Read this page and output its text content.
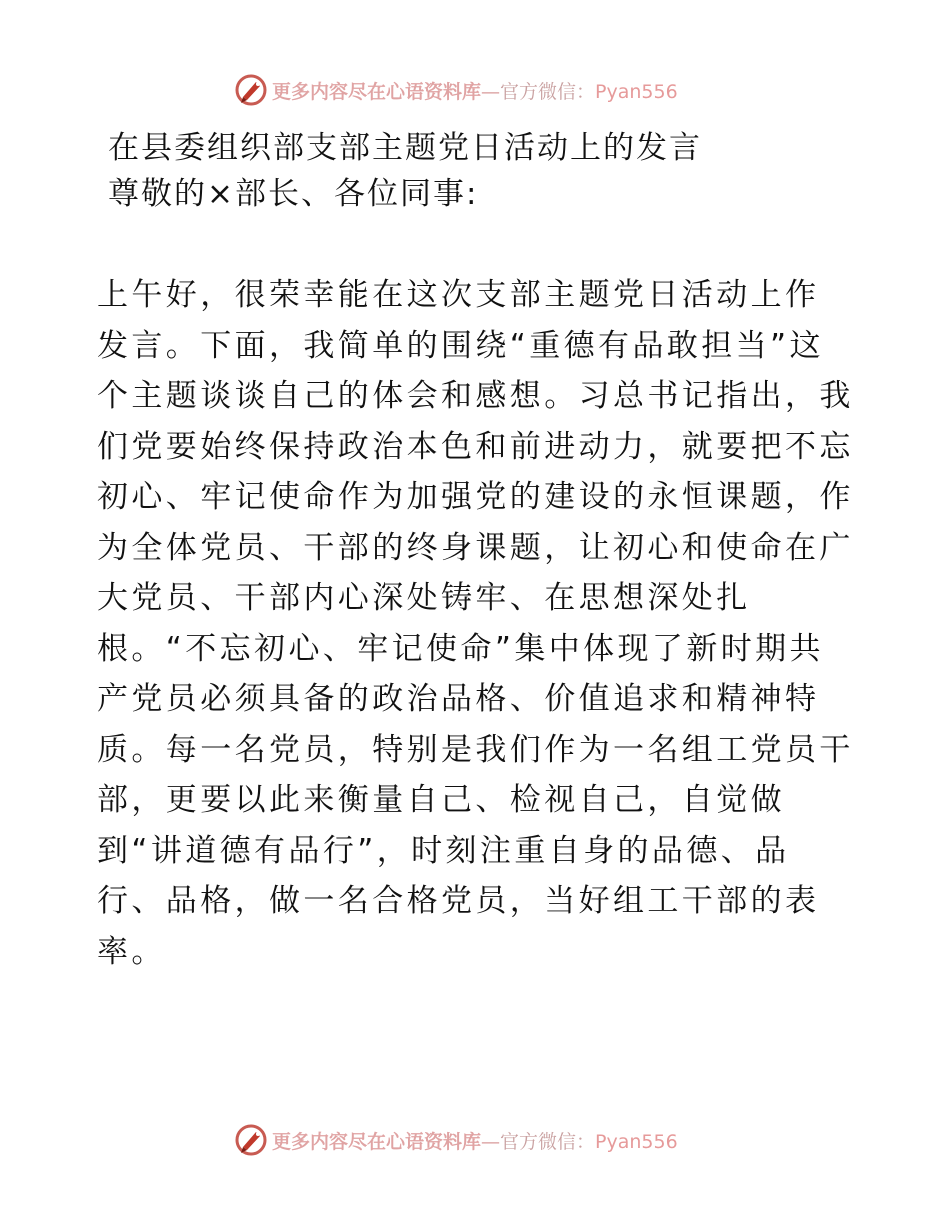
更多内容尽在心语资料库—官方微信：Pyan556
在县委组织部支部主题党日活动上的发言
尊敬的×部长、各位同事:
上午好，很荣幸能在这次支部主题党日活动上作
发言。下面，我简单的围绕“重德有品敢担当”这
个主题谈谈自己的体会和感想。习总书记指出，我
们党要始终保持政治本色和前进动力，就要把不忘
初心、牢记使命作为加强党的建设的永恒课题，作
为全体党员、干部的终身课题，让初心和使命在广
大党员、干部内心深处铸牢、在思想深处扎
根。“不忘初心、牢记使命”集中体现了新时期共
产党员必须具备的政治品格、价值追求和精神特
质。每一名党员，特别是我们作为一名组工党员干
部，更要以此来衡量自己、检视自己，自觉做
到“讲道德有品行”，时刻注重自身的品德、品
行、品格，做一名合格党员，当好组工干部的表
率。
更多内容尽在心语资料库—官方微信：Pyan556
